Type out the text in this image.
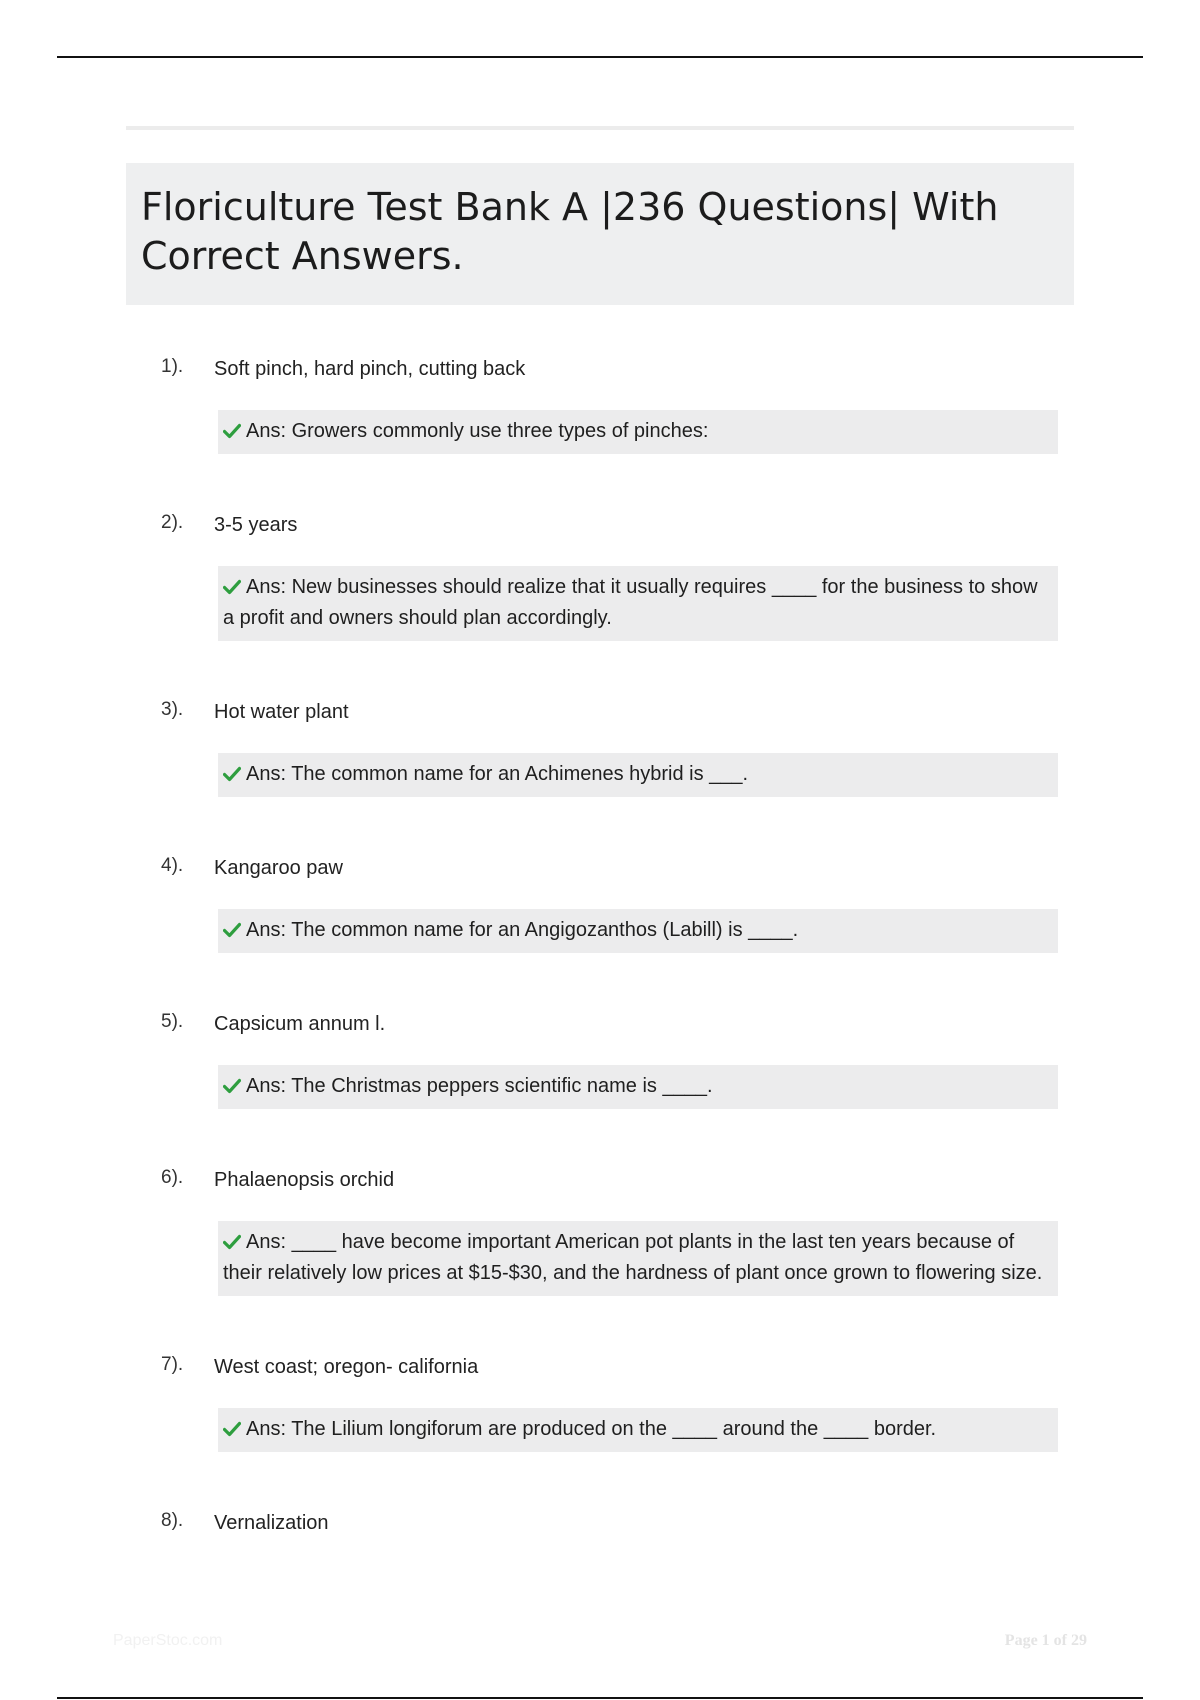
Floriculture Test Bank A |236 Questions| With Correct Answers.
1). Soft pinch, hard pinch, cutting back
Ans: Growers commonly use three types of pinches:
2). 3-5 years
Ans: New businesses should realize that it usually requires ____ for the business to show a profit and owners should plan accordingly.
3). Hot water plant
Ans: The common name for an Achimenes hybrid is ___.
4). Kangaroo paw
Ans: The common name for an Angigozanthos (Labill) is ____.
5). Capsicum annum l.
Ans: The Christmas peppers scientific name is ____.
6). Phalaenopsis orchid
Ans: ____ have become important American pot plants in the last ten years because of their relatively low prices at $15-$30, and the hardness of plant once grown to flowering size.
7). West coast; oregon- california
Ans: The Lilium longiforum are produced on the ____ around the ____ border.
8). Vernalization
PaperStoc.com	Page 1 of 29
